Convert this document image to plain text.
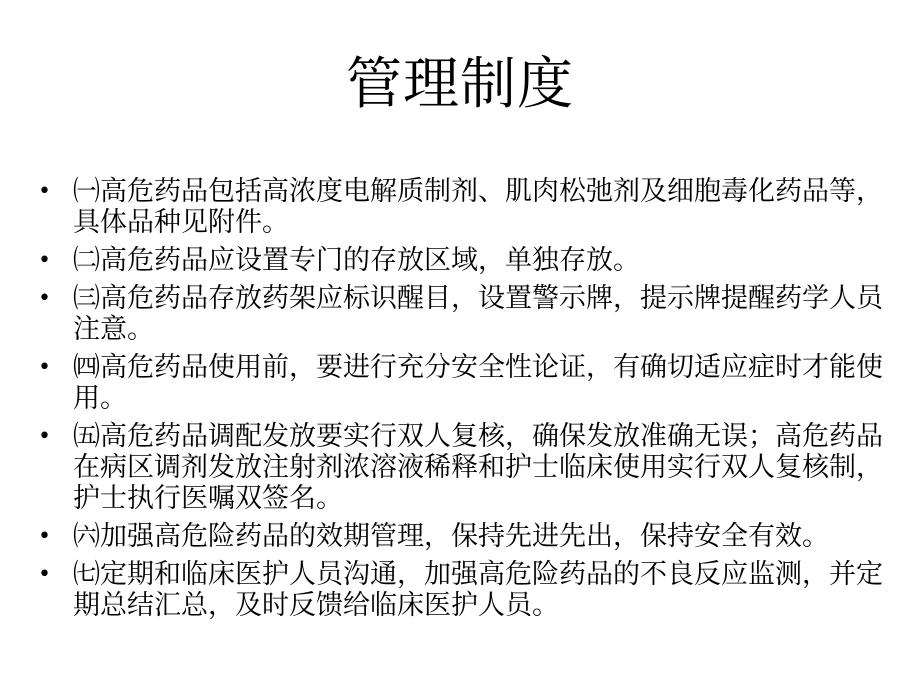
管理制度
• ㈠高危药品包括高浓度电解质制剂、肌肉松弛剂及细胞毒化药品等，具体品种见附件。
• ㈡高危药品应设置专门的存放区域，单独存放。
• ㈢高危药品存放药架应标识醒目，设置警示牌，提示牌提醒药学人员注意。
• ㈣高危药品使用前，要进行充分安全性论证，有确切适应症时才能使用。
• ㈤高危药品调配发放要实行双人复核，确保发放准确无误；高危药品在病区调剂发放注射剂浓溶液稀释和护士临床使用实行双人复核制，护士执行医嘱双签名。
• ㈥加强高危险药品的效期管理，保持先进先出，保持安全有效。
• ㈦定期和临床医护人员沟通，加强高危险药品的不良反应监测，并定期总结汇总，及时反馈给临床医护人员。
